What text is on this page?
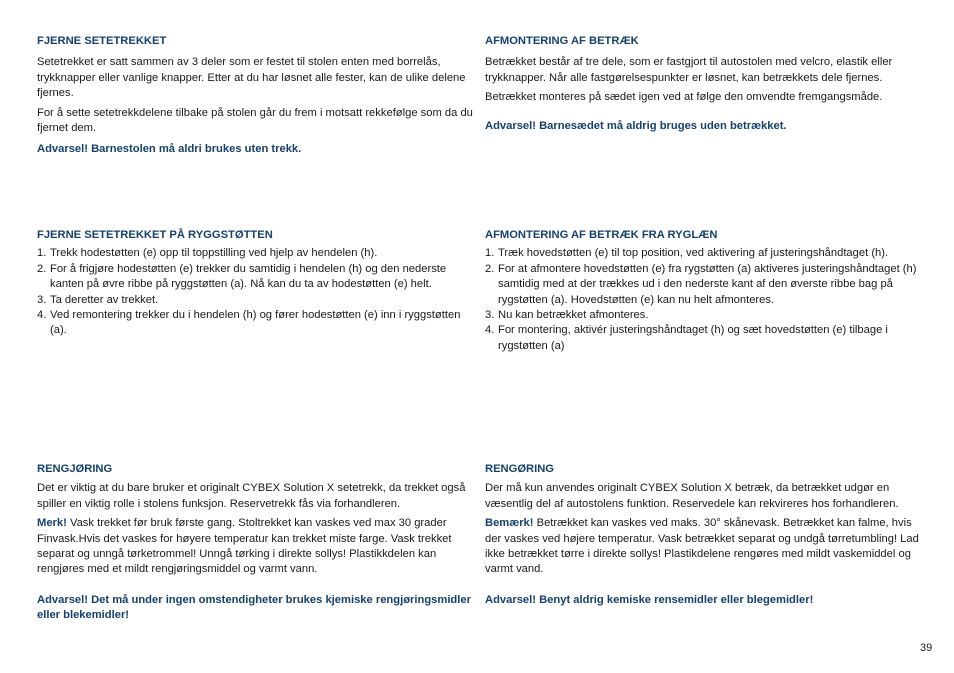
FJERNE SETETREKKET

Setetrekket er satt sammen av 3 deler som er festet til stolen enten med borrelås, trykknapper eller vanlige knapper. Etter at du har løsnet alle fester, kan de ulike delene fjernes.

For å sette setetrekkdelene tilbake på stolen går du frem i motsatt rekkefølge som da du fjernet dem.

Advarsel! Barnestolen må aldri brukes uten trekk.

FJERNE SETETREKKET PÅ RYGGSTØTTEN
1. Trekk hodestøtten (e) opp til toppstilling ved hjelp av hendelen (h).
2. For å frigjøre hodestøtten (e) trekker du samtidig i hendelen (h) og den nederste kanten på øvre ribbe på ryggstøtten (a). Nå kan du ta av hodestøtten (e) helt.
3. Ta deretter av trekket.
4. Ved remontering trekker du i hendelen (h) og fører hodestøtten (e) inn i ryggstøtten (a).
RENGJØRING

Det er viktig at du bare bruker et originalt CYBEX Solution X setetrekk, da trekket også spiller en viktig rolle i stolens funksjon. Reservetrekk fås via forhandleren.

Merk! Vask trekket før bruk første gang. Stoltrekket kan vaskes ved max 30 grader Finvask.Hvis det vaskes for høyere temperatur kan trekket miste farge. Vask trekket separat og unngå tørketrommel! Unngå tørking i direkte sollys! Plastikkdelen kan rengjøres med et mildt rengjøringsmiddel og varmt vann.

Advarsel! Det må under ingen omstendigheter brukes kjemiske rengjøringsmidler eller blekemidler!

AFMONTERING AF BETRÆK

Betrækket består af tre dele, som er fastgjort til autostolen med velcro, elastik eller trykknapper. Når alle fastgørelsespunkter er løsnet, kan betrækkets dele fjernes.

Betrækket monteres på sædet igen ved at følge den omvendte fremgangsmåde.

Advarsel! Barnesædet må aldrig bruges uden betrækket.

AFMONTERING AF BETRÆK FRA RYGLÆN
1. Træk hovedstøtten (e) til top position, ved aktivering af justeringshåndtaget (h).
2. For at afmontere hovedstøtten (e) fra rygstøtten (a) aktiveres justeringshåndtaget (h) samtidig med at der trækkes ud i den nederste kant af den øverste ribbe bag på rygstøtten (a). Hovedstøtten (e) kan nu helt afmonteres.
3. Nu kan betrækket afmonteres.
4. For montering, aktivér justeringshåndtaget (h) og sæt hovedstøtten (e) tilbage i rygstøtten (a)
RENGØRING

Der må kun anvendes originalt CYBEX Solution X betræk, da betrækket udgør en væsentlig del af autostolens funktion. Reservedele kan rekvireres hos forhandleren.

Bemærk! Betrækket kan vaskes ved maks. 30° skånevask. Betrækket kan falme, hvis der vaskes ved højere temperatur. Vask betrækket separat og undgå tørretumbling! Lad ikke betrækket tørre i direkte sollys! Plastikdelene rengøres med mildt vaskemiddel og varmt vand.

Advarsel! Benyt aldrig kemiske rensemidler eller blegemidler!

39
